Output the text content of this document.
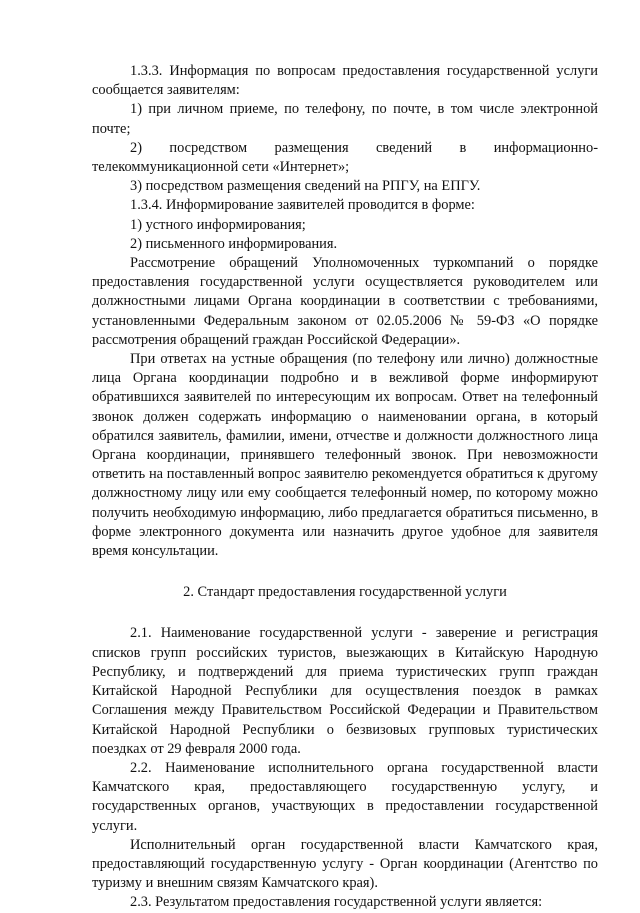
1.3.3. Информация по вопросам предоставления государственной услуги сообщается заявителям:

1) при личном приеме, по телефону, по почте, в том числе электронной почте;

2) посредством размещения сведений в информационно-телекоммуникационной сети «Интернет»;

3) посредством размещения сведений на РПГУ, на ЕПГУ.

1.3.4. Информирование заявителей проводится в форме:

1) устного информирования;

2) письменного информирования.

Рассмотрение обращений Уполномоченных туркомпаний о порядке предоставления государственной услуги осуществляется руководителем или должностными лицами Органа координации в соответствии с требованиями, установленными Федеральным законом от 02.05.2006 № 59-ФЗ «О порядке рассмотрения обращений граждан Российской Федерации».

При ответах на устные обращения (по телефону или лично) должностные лица Органа координации подробно и в вежливой форме информируют обратившихся заявителей по интересующим их вопросам. Ответ на телефонный звонок должен содержать информацию о наименовании органа, в который обратился заявитель, фамилии, имени, отчестве и должности должностного лица Органа координации, принявшего телефонный звонок. При невозможности ответить на поставленный вопрос заявителю рекомендуется обратиться к другому должностному лицу или ему сообщается телефонный номер, по которому можно получить необходимую информацию, либо предлагается обратиться письменно, в форме электронного документа или назначить другое удобное для заявителя время консультации.

2. Стандарт предоставления государственной услуги

2.1. Наименование государственной услуги - заверение и регистрация списков групп российских туристов, выезжающих в Китайскую Народную Республику, и подтверждений для приема туристических групп граждан Китайской Народной Республики для осуществления поездок в рамках Соглашения между Правительством Российской Федерации и Правительством Китайской Народной Республики о безвизовых групповых туристических поездках от 29 февраля 2000 года.

2.2. Наименование исполнительного органа государственной власти Камчатского края, предоставляющего государственную услугу, и государственных органов, участвующих в предоставлении государственной услуги.

Исполнительный орган государственной власти Камчатского края, предоставляющий государственную услугу - Орган координации (Агентство по туризму и внешним связям Камчатского края).

2.3. Результатом предоставления государственной услуги является:
